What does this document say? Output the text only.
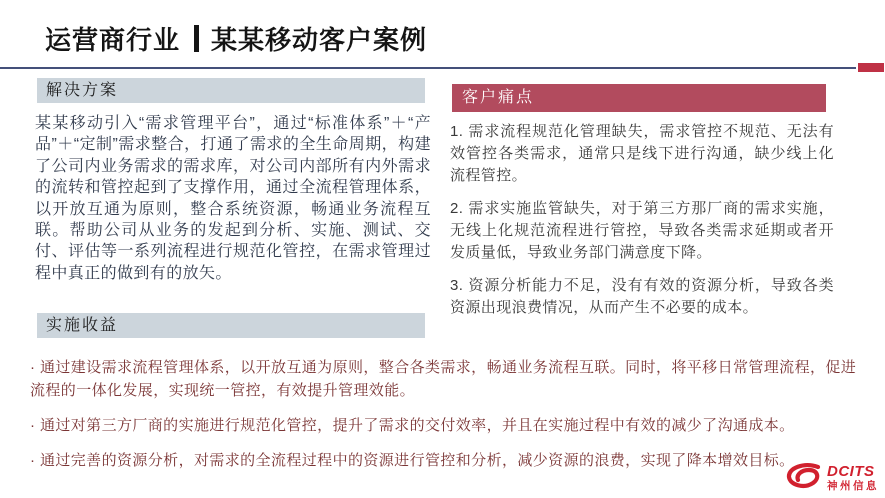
运营商行业 某某移动客户案例
解决方案
某某移动引入“需求管理平台”，通过“标准体系”＋“产品”＋“定制”需求整合，打通了需求的全生命周期，构建了公司内业务需求的需求库，对公司内部所有内外需求的流转和管控起到了支撑作用，通过全流程管理体系，以开放互通为原则，整合系统资源，畅通业务流程互联。帮助公司从业务的发起到分析、实施、测试、交付、评估等一系列流程进行规范化管控，在需求管理过程中真正的做到有的放矢。
客户痛点

1. 需求流程规范化管理缺失，需求管控不规范、无法有效管控各类需求，通常只是线下进行沟通，缺少线上化流程管控。

2. 需求实施监管缺失，对于第三方那厂商的需求实施，无线上化规范流程进行管控，导致各类需求延期或者开发质量低，导致业务部门满意度下降。

3. 资源分析能力不足，没有有效的资源分析，导致各类资源出现浪费情况，从而产生不必要的成本。

实施收益

· 通过建设需求流程管理体系，以开放互通为原则，整合各类需求，畅通业务流程互联。同时，将平移日常管理流程，促进流程的一体化发展，实现统一管控，有效提升管理效能。

· 通过对第三方厂商的实施进行规范化管控，提升了需求的交付效率，并且在实施过程中有效的减少了沟通成本。

· 通过完善的资源分析，对需求的全流程过程中的资源进行管控和分析，减少资源的浪费，实现了降本增效目标。

DCITS
神州信息
